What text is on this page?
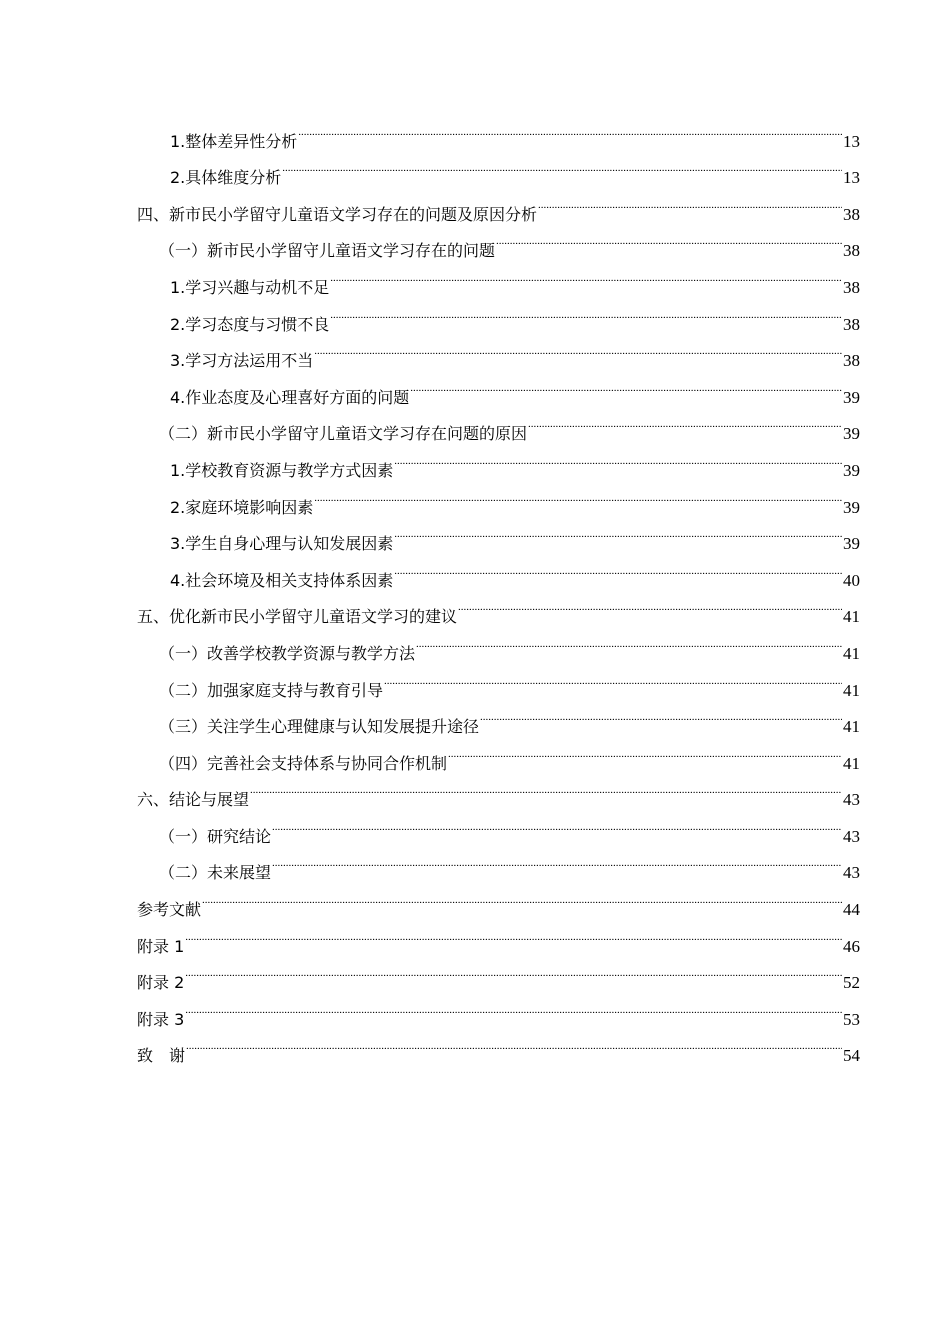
1.整体差异性分析 .....	13
2.具体维度分析 .....	13
四、新市民小学留守儿童语文学习存在的问题及原因分析 .....	38
（一）新市民小学留守儿童语文学习存在的问题 .....	38
1.学习兴趣与动机不足 .....	38
2.学习态度与习惯不良 .....	38
3.学习方法运用不当 .....	38
4.作业态度及心理喜好方面的问题 .....	39
（二）新市民小学留守儿童语文学习存在问题的原因 .....	39
1.学校教育资源与教学方式因素 .....	39
2.家庭环境影响因素 .....	39
3.学生自身心理与认知发展因素 .....	39
4.社会环境及相关支持体系因素 .....	40
五、优化新市民小学留守儿童语文学习的建议 .....	41
（一）改善学校教学资源与教学方法 .....	41
（二）加强家庭支持与教育引导 .....	41
（三）关注学生心理健康与认知发展提升途径 .....	41
（四）完善社会支持体系与协同合作机制 .....	41
六、结论与展望 .....	43
（一）研究结论 .....	43
（二）未来展望 .....	43
参考文献 .....	44
附录 1 .....	46
附录 2 .....	52
附录 3 .....	53
致　谢 .....	54
